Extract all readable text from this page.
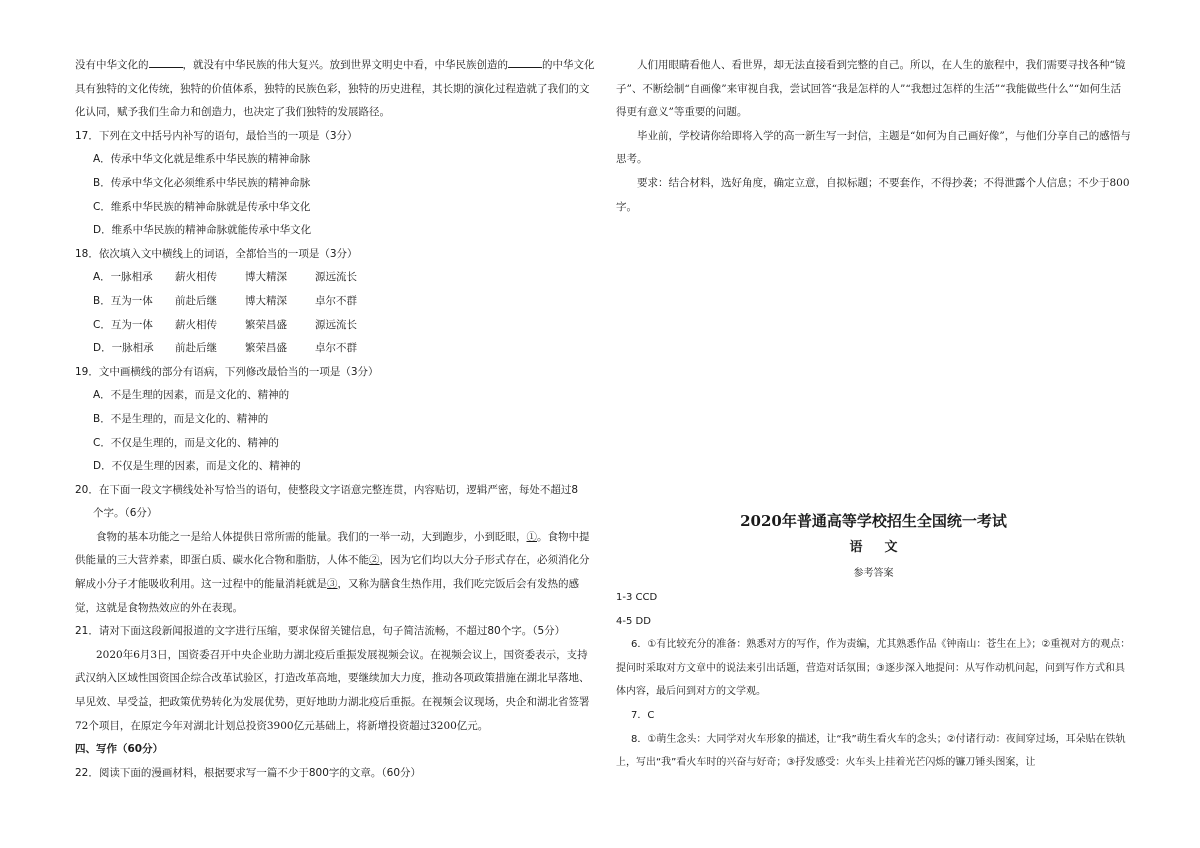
没有中华文化的	，就没有中华民族的伟大复兴。放到世界文明史中看，中华民族创造的	的中华文化具有独特的文化传统，独特的价值体系，独特的民族色彩，独特的历史进程，其长期的演化过程造就了我们的文化认同，赋予我们生命力和创造力，也决定了我们独特的发展路径。

17．下列在文中括号内补写的语句，最恰当的一项是（3分）

A．传承中华文化就是维系中华民族的精神命脉

B．传承中华文化必须维系中华民族的精神命脉

C．维系中华民族的精神命脉就是传承中华文化

D．维系中华民族的精神命脉就能传承中华文化

18．依次填入文中横线上的词语，全都恰当的一项是（3分）

A．一脉相承 薪火相传	博大精深	源远流长

B．互为一体 前赴后继	博大精深	卓尔不群

C．互为一体 薪火相传	繁荣昌盛	源远流长

D．一脉相承 前赴后继	繁荣昌盛	卓尔不群

19．文中画横线的部分有语病，下列修改最恰当的一项是（3分）

A．不是生理的因素，而是文化的、精神的

B．不是生理的，而是文化的、精神的

C．不仅是生理的，而是文化的、精神的

D．不仅是生理的因素，而是文化的、精神的

20．在下面一段文字横线处补写恰当的语句，使整段文字语意完整连贯，内容贴切，逻辑严密，每处不超过8

个字。（6分）

食物的基本功能之一是给人体提供日常所需的能量。我们的一举一动，大到跑步，小到眨眼，①。食物中提供能量的三大营养素，即蛋白质、碳水化合物和脂肪，人体不能②，因为它们均以大分子形式存在，必须消化分解成小分子才能吸收利用。这一过程中的能量消耗就是③，又称为膳食生热作用，我们吃完饭后会有发热的感觉，这就是食物热效应的外在表现。

21．请对下面这段新闻报道的文字进行压缩，要求保留关键信息，句子简洁流畅，不超过80个字。（5分）

2020年6月3日，国资委召开中央企业助力湖北疫后重振发展视频会议。在视频会议上，国资委表示，支持武汉纳入区域性国资国企综合改革试验区，打造改革高地，要继续加大力度，推动各项政策措施在湖北早落地、早见效、早受益，把政策优势转化为发展优势，更好地助力湖北疫后重振。在视频会议现场，央企和湖北省签署72个项目，在原定今年对湖北计划总投资3900亿元基础上，将新增投资超过3200亿元。

四、写作（60分）

22．阅读下面的漫画材料，根据要求写一篇不少于800字的文章。（60分）

人们用眼睛看他人、看世界，却无法直接看到完整的自己。所以，在人生的旅程中，我们需要寻找各种“镜子”、不断绘制“自画像”来审视自我，尝试回答“我是怎样的人”“我想过怎样的生活”“我能做些什么”“如何生活得更有意义”等重要的问题。

毕业前，学校请你给即将入学的高一新生写一封信，主题是“如何为自己画好像”，与他们分享自己的感悟与思考。

要求：结合材料，选好角度，确定立意，自拟标题；不要套作，不得抄袭；不得泄露个人信息；不少于800字。

2020年普通高等学校招生全国统一考试

语文

参考答案

1-3 CCD

4-5 DD

6．①有比较充分的准备：熟悉对方的写作，作为责编，尤其熟悉作品《钟南山：苍生在上》；②重视对方的观点：提问时采取对方文章中的说法来引出话题，营造对话氛围；③逐步深入地提问：从写作动机问起，问到写作方式和具体内容，最后问到对方的文学观。

7．C

8．①萌生念头：大同学对火车形象的描述，让“我”萌生看火车的念头；②付诸行动：夜间穿过场，耳朵贴在铁轨上，写出“我”看火车时的兴奋与好奇；③抒发感受：火车头上挂着光芒闪烁的镰刀锤头图案，让
